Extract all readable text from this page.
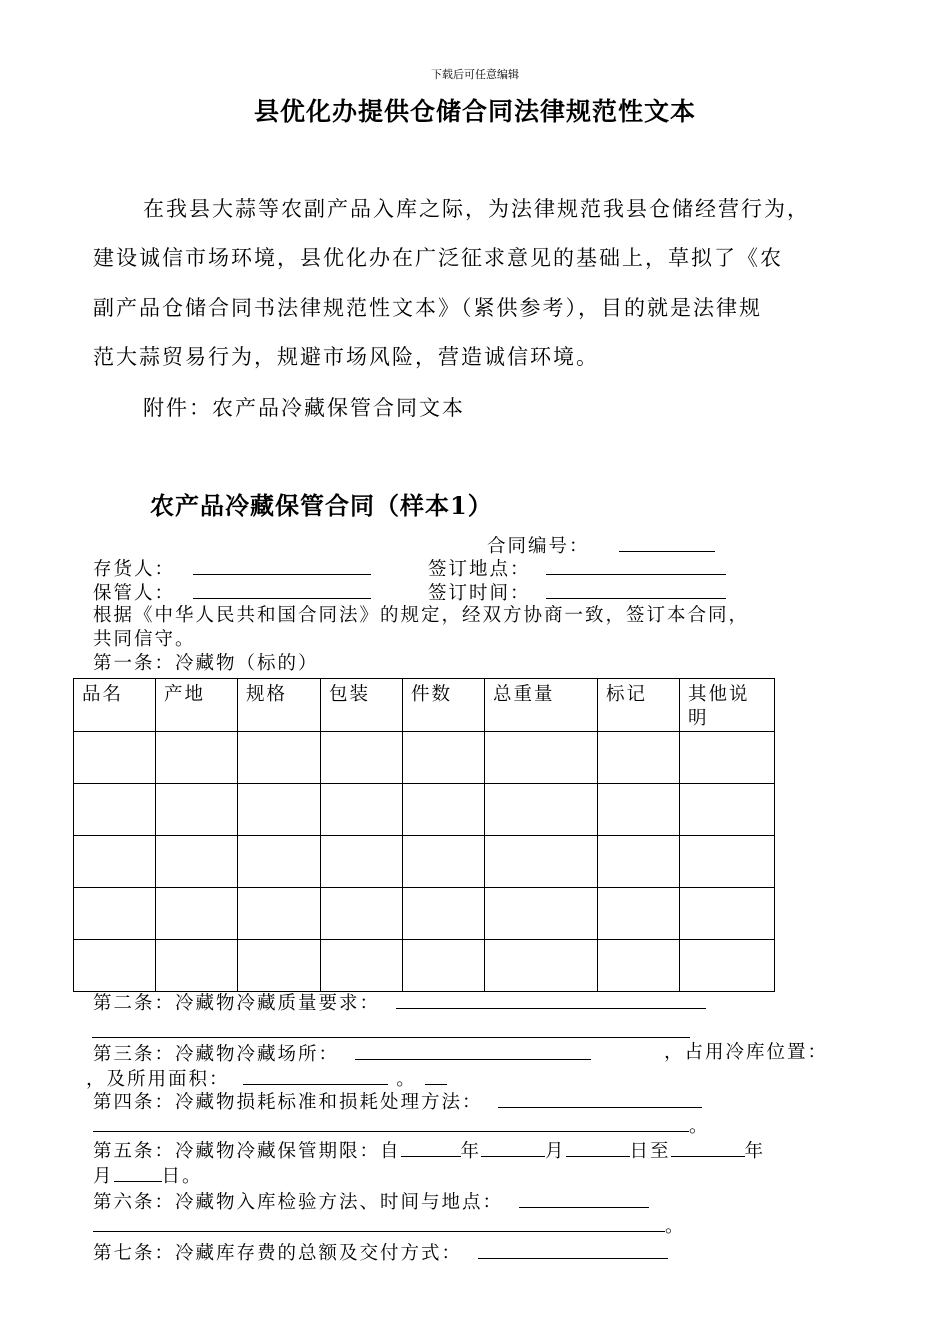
下载后可任意编辑
县优化办提供仓储合同法律规范性文本
在我县大蒜等农副产品入库之际，为法律规范我县仓储经营行为，
建设诚信市场环境，县优化办在广泛征求意见的基础上，草拟了《农
副产品仓储合同书法律规范性文本》（紧供参考），目的就是法律规
范大蒜贸易行为，规避市场风险，营造诚信环境。
附件：农产品冷藏保管合同文本
农产品冷藏保管合同（样本1）
合同编号：
存货人：	签订地点：
保管人：	签订时间：
根据《中华人民共和国合同法》的规定，经双方协商一致，签订本合同，
共同信守。
第一条：冷藏物（标的）
品名	产地	规格	包装	件数	总重量	标记	其他说明

第二条：冷藏物冷藏质量要求：
第三条：冷藏物冷藏场所：	，占用冷库位置：
，及所用面积：	。
第四条：冷藏物损耗标准和损耗处理方法：
。
第五条：冷藏物冷藏保管期限：自	年	月	日至	年
月	日。
第六条：冷藏物入库检验方法、时间与地点：
。
第七条：冷藏库存费的总额及交付方式：
